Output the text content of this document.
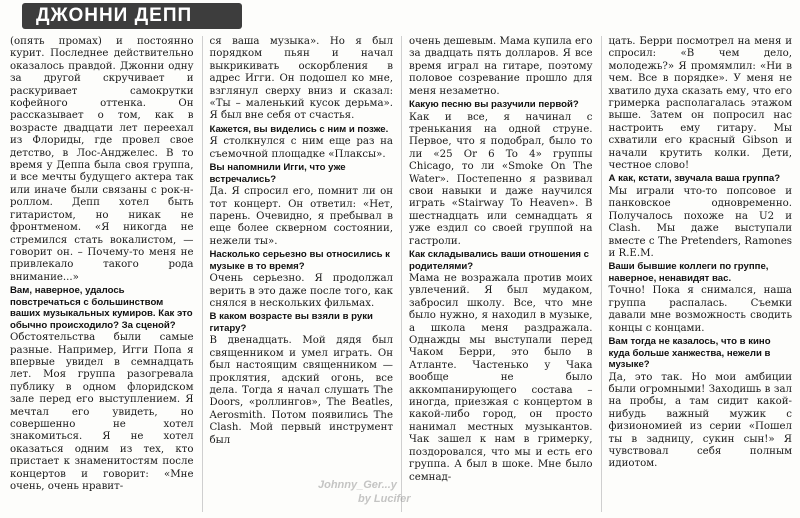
ДЖОННИ ДЕПП

(опять промах) и постоянно курит. Последнее действительно оказалось правдой. Джонни одну за другой скручивает и раскуривает самокрутки кофейного оттенка. Он рассказывает о том, как в возрасте двадцати лет переехал из Флориды, где провел свое детство, в Лос-Анджелес. В то время у Деппа была своя группа, и все мечты будущего актера так или иначе были связаны с рок-н-роллом. Депп хотел быть гитаристом, но никак не фронтменом. «Я никогда не стремился стать вокалистом, — говорит он. – Почему-то меня не привлекало такого рода внимание...»

Вам, наверное, удалось повстречаться с большинством ваших музыкальных кумиров. Как это обычно происходило? За сценой?

Обстоятельства были самые разные. Например, Игги Попа я впервые увидел в семнадцать лет. Моя группа разогревала публику в одном флоридском зале перед его выступлением. Я мечтал его увидеть, но совершенно не хотел знакомиться. Я не хотел оказаться одним из тех, кто пристает к знаменитостям после концертов и говорит: «Мне очень, очень нравит-

ся ваша музыка». Но я был порядком пьян и начал выкрикивать оскорбления в адрес Игги. Он подошел ко мне, взглянул сверху вниз и сказал: «Ты – маленький кусок дерьма». Я был вне себя от счастья.

Кажется, вы виделись с ним и позже.

Я столкнулся с ним еще раз на съемочной площадке «Плаксы».

Вы напомнили Игги, что уже встречались?

Да. Я спросил его, помнит ли он тот концерт. Он ответил: «Нет, парень. Очевидно, я пребывал в еще более скверном состоянии, нежели ты».

Насколько серьезно вы относились к музыке в то время?

Очень серьезно. Я продолжал верить в это даже после того, как снялся в нескольких фильмах.

В каком возрасте вы взяли в руки гитару?

В двенадцать. Мой дядя был священником и умел играть. Он был настоящим священником — проклятия, адский огонь, все дела. Тогда я начал слушать The Doors, «роллингов», The Beatles, Aerosmith. Потом появились The Clash. Мой первый инструмент был

очень дешевым. Мама купила его за двадцать пять долларов. Я все время играл на гитаре, поэтому половое созревание прошло для меня незаметно.

Какую песню вы разучили первой?

Как и все, я начинал с тренькания на одной струне. Первое, что я подобрал, было то ли «25 Or 6 To 4» группы Chicago, то ли «Smoke On The Water». Постепенно я развивал свои навыки и даже научился играть «Stairway To Heaven». В шестнадцать или семнадцать я уже ездил со своей группой на гастроли.

Как складывались ваши отношения с родителями?

Мама не возражала против моих увлечений. Я был мудаком, забросил школу. Все, что мне было нужно, я находил в музыке, а школа меня раздражала. Однажды мы выступали перед Чаком Берри, это было в Атланте. Частенько у Чака вообще не было аккомпанирующего состава – иногда, приезжая с концертом в какой-либо город, он просто нанимал местных музыкантов. Чак зашел к нам в гримерку, поздоровался, что мы и есть его группа. А был в шоке. Мне было семнад-

цать. Берри посмотрел на меня и спросил: «В чем дело, молодежь?» Я промямлил: «Ни в чем. Все в порядке». У меня не хватило духа сказать ему, что его гримерка располагалась этажом выше. Затем он попросил нас настроить ему гитару. Мы схватили его красный Gibson и начали крутить колки. Дети, честное слово!

А как, кстати, звучала ваша группа?

Мы играли что-то попсовое и панковское одновременно. Получалось похоже на U2 и Clash. Мы даже выступали вместе с The Pretenders, Ramones и R.E.M.

Ваши бывшие коллеги по группе, наверное, ненавидят вас.

Точно! Пока я снимался, наша группа распалась. Съемки давали мне возможность сводить концы с концами.

Вам тогда не казалось, что в кино куда больше ханжества, нежели в музыке?

Да, это так. Но мои амбиции были огромными! Заходишь в зал на пробы, а там сидит какой-нибудь важный мужик с физиономией из серии «Пошел ты в задницу, сукин сын!» Я чувствовал себя полным идиотом.

Johnny_Ger...y
by Lucifer
